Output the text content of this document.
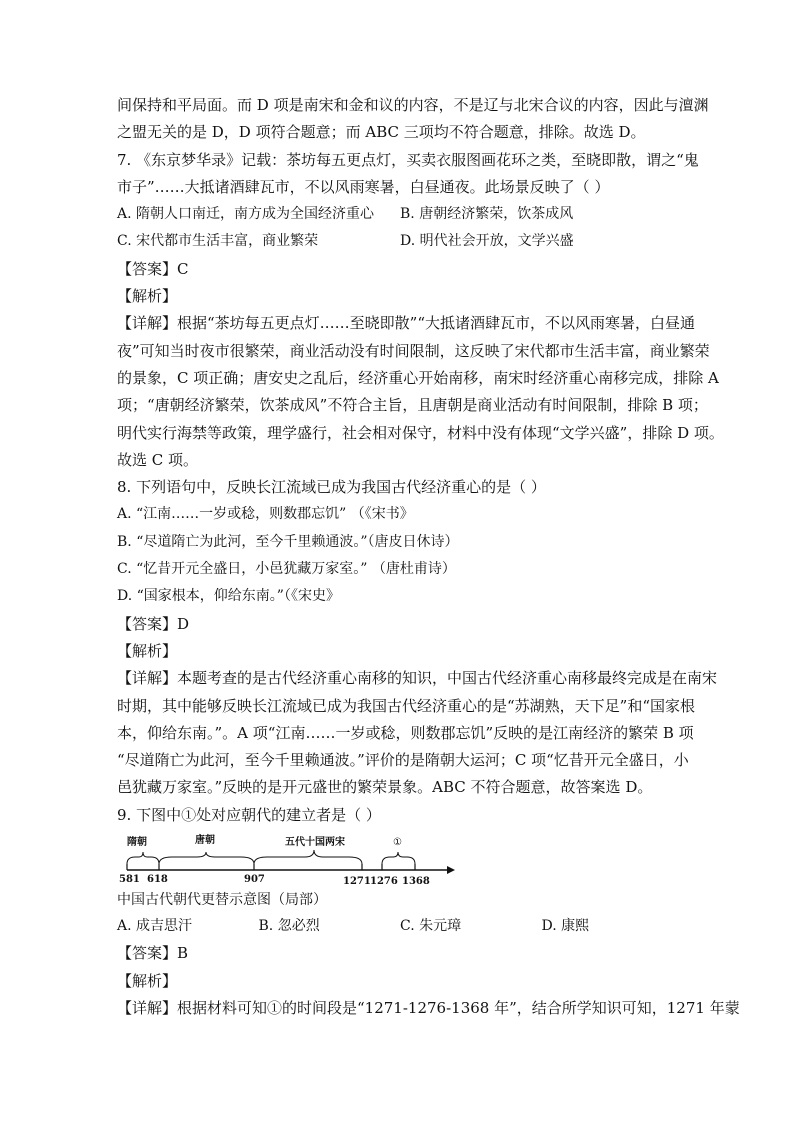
间保持和平局面。而 D 项是南宋和金和议的内容，不是辽与北宋合议的内容，因此与澶渊
之盟无关的是 D，D 项符合题意；而 ABC 三项均不符合题意，排除。故选 D。
7. 《东京梦华录》记载：茶坊每五更点灯，买卖衣服图画花环之类，至晓即散，谓之“鬼
市子”……大抵诸酒肆瓦市，不以风雨寒暑，白昼通夜。此场景反映了（ ）
A. 隋朝人口南迁，南方成为全国经济重心	B. 唐朝经济繁荣，饮茶成风
C. 宋代都市生活丰富，商业繁荣	D. 明代社会开放，文学兴盛
【答案】C
【解析】
【详解】根据“茶坊每五更点灯……至晓即散”“大抵诸酒肆瓦市，不以风雨寒暑，白昼通
夜”可知当时夜市很繁荣，商业活动没有时间限制，这反映了宋代都市生活丰富，商业繁荣
的景象，C 项正确；唐安史之乱后，经济重心开始南移，南宋时经济重心南移完成，排除 A
项；“唐朝经济繁荣，饮茶成风”不符合主旨，且唐朝是商业活动有时间限制，排除 B 项；
明代实行海禁等政策，理学盛行，社会相对保守，材料中没有体现“文学兴盛”，排除 D 项。
故选 C 项。
8. 下列语句中，反映长江流域已成为我国古代经济重心的是（ ）
A. “江南……一岁或稔，则数郡忘饥” （《宋书》
B. “尽道隋亡为此河，至今千里赖通波。”（唐皮日休诗）
C. “忆昔开元全盛日，小邑犹藏万家室。” （唐杜甫诗）
D. “国家根本，仰给东南。”（《宋史》
【答案】D
【解析】
【详解】本题考查的是古代经济重心南移的知识，中国古代经济重心南移最终完成是在南宋
时期，其中能够反映长江流域已成为我国古代经济重心的是“苏湖熟，天下足”和“国家根
本，仰给东南。”。A 项“江南……一岁或稔，则数郡忘饥”反映的是江南经济的繁荣 B 项
“尽道隋亡为此河，至今千里赖通波。”评价的是隋朝大运河；C 项“忆昔开元全盛日，小
邑犹藏万家室。”反映的是开元盛世的繁荣景象。ABC 不符合题意，故答案选 D。
9. 下图中①处对应朝代的建立者是（ ）
隋朝	唐朝	五代十国两宋	①
581 618	907	1271 1276 1368
中国古代朝代更替示意图（局部）
A. 成吉思汗	B. 忽必烈	C. 朱元璋	D. 康熙
【答案】B
【解析】
【详解】根据材料可知①的时间段是“1271-1276-1368 年”，结合所学知识可知，1271 年蒙
